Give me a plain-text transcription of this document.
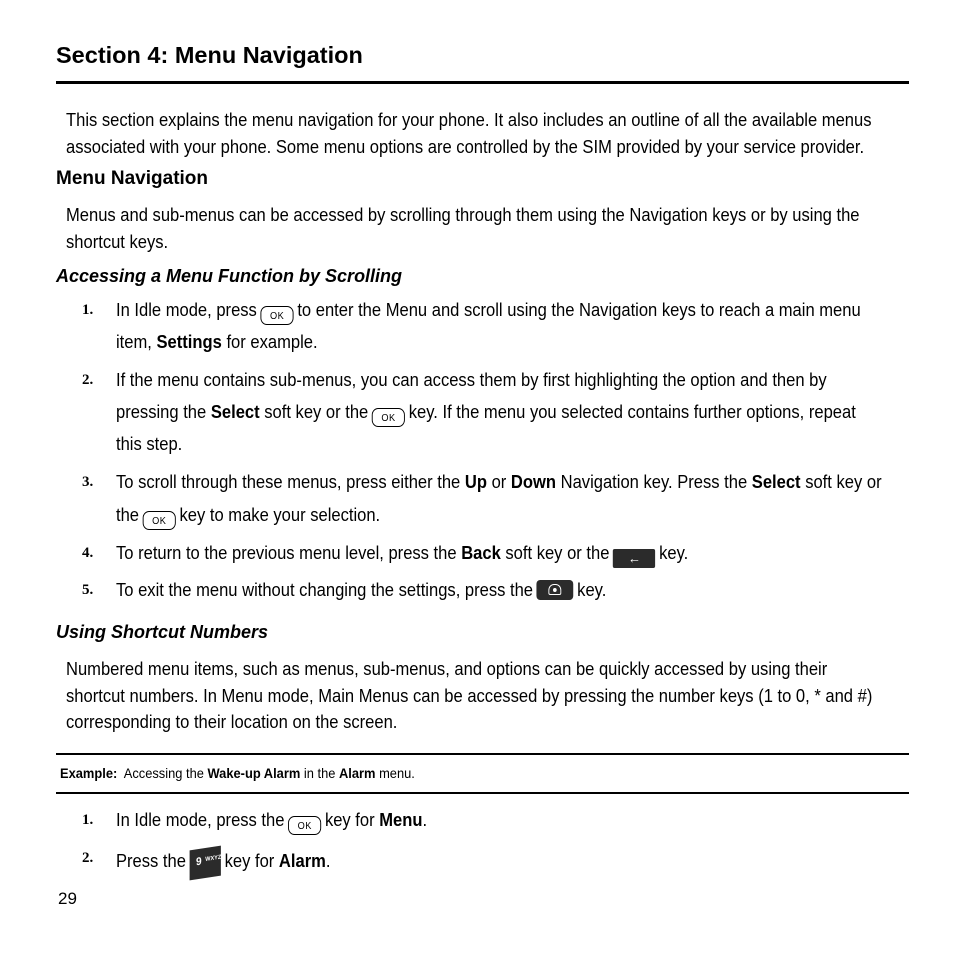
Section 4: Menu Navigation
This section explains the menu navigation for your phone. It also includes an outline of all the available menus
associated with your phone. Some menu options are controlled by the SIM provided by your service provider.
Menu Navigation
Menus and sub-menus can be accessed by scrolling through them using the Navigation keys or by using the
shortcut keys.
Accessing a Menu Function by Scrolling
1. In Idle mode, press OK to enter the Menu and scroll using the Navigation keys to reach a main menu
item, Settings for example.
2. If the menu contains sub-menus, you can access them by first highlighting the option and then by
pressing the Select soft key or the OK key. If the menu you selected contains further options, repeat
this step.
3. To scroll through these menus, press either the Up or Down Navigation key. Press the Select soft key or
the OK key to make your selection.
4. To return to the previous menu level, press the Back soft key or the ← key.
5. To exit the menu without changing the settings, press the key.
Using Shortcut Numbers
Numbered menu items, such as menus, sub-menus, and options can be quickly accessed by using their
shortcut numbers. In Menu mode, Main Menus can be accessed by pressing the number keys (1 to 0, * and #)
corresponding to their location on the screen.
Example: Accessing the Wake-up Alarm in the Alarm menu.
1. In Idle mode, press the OK key for Menu.
2. Press the 9 WXYZ key for Alarm.
29
